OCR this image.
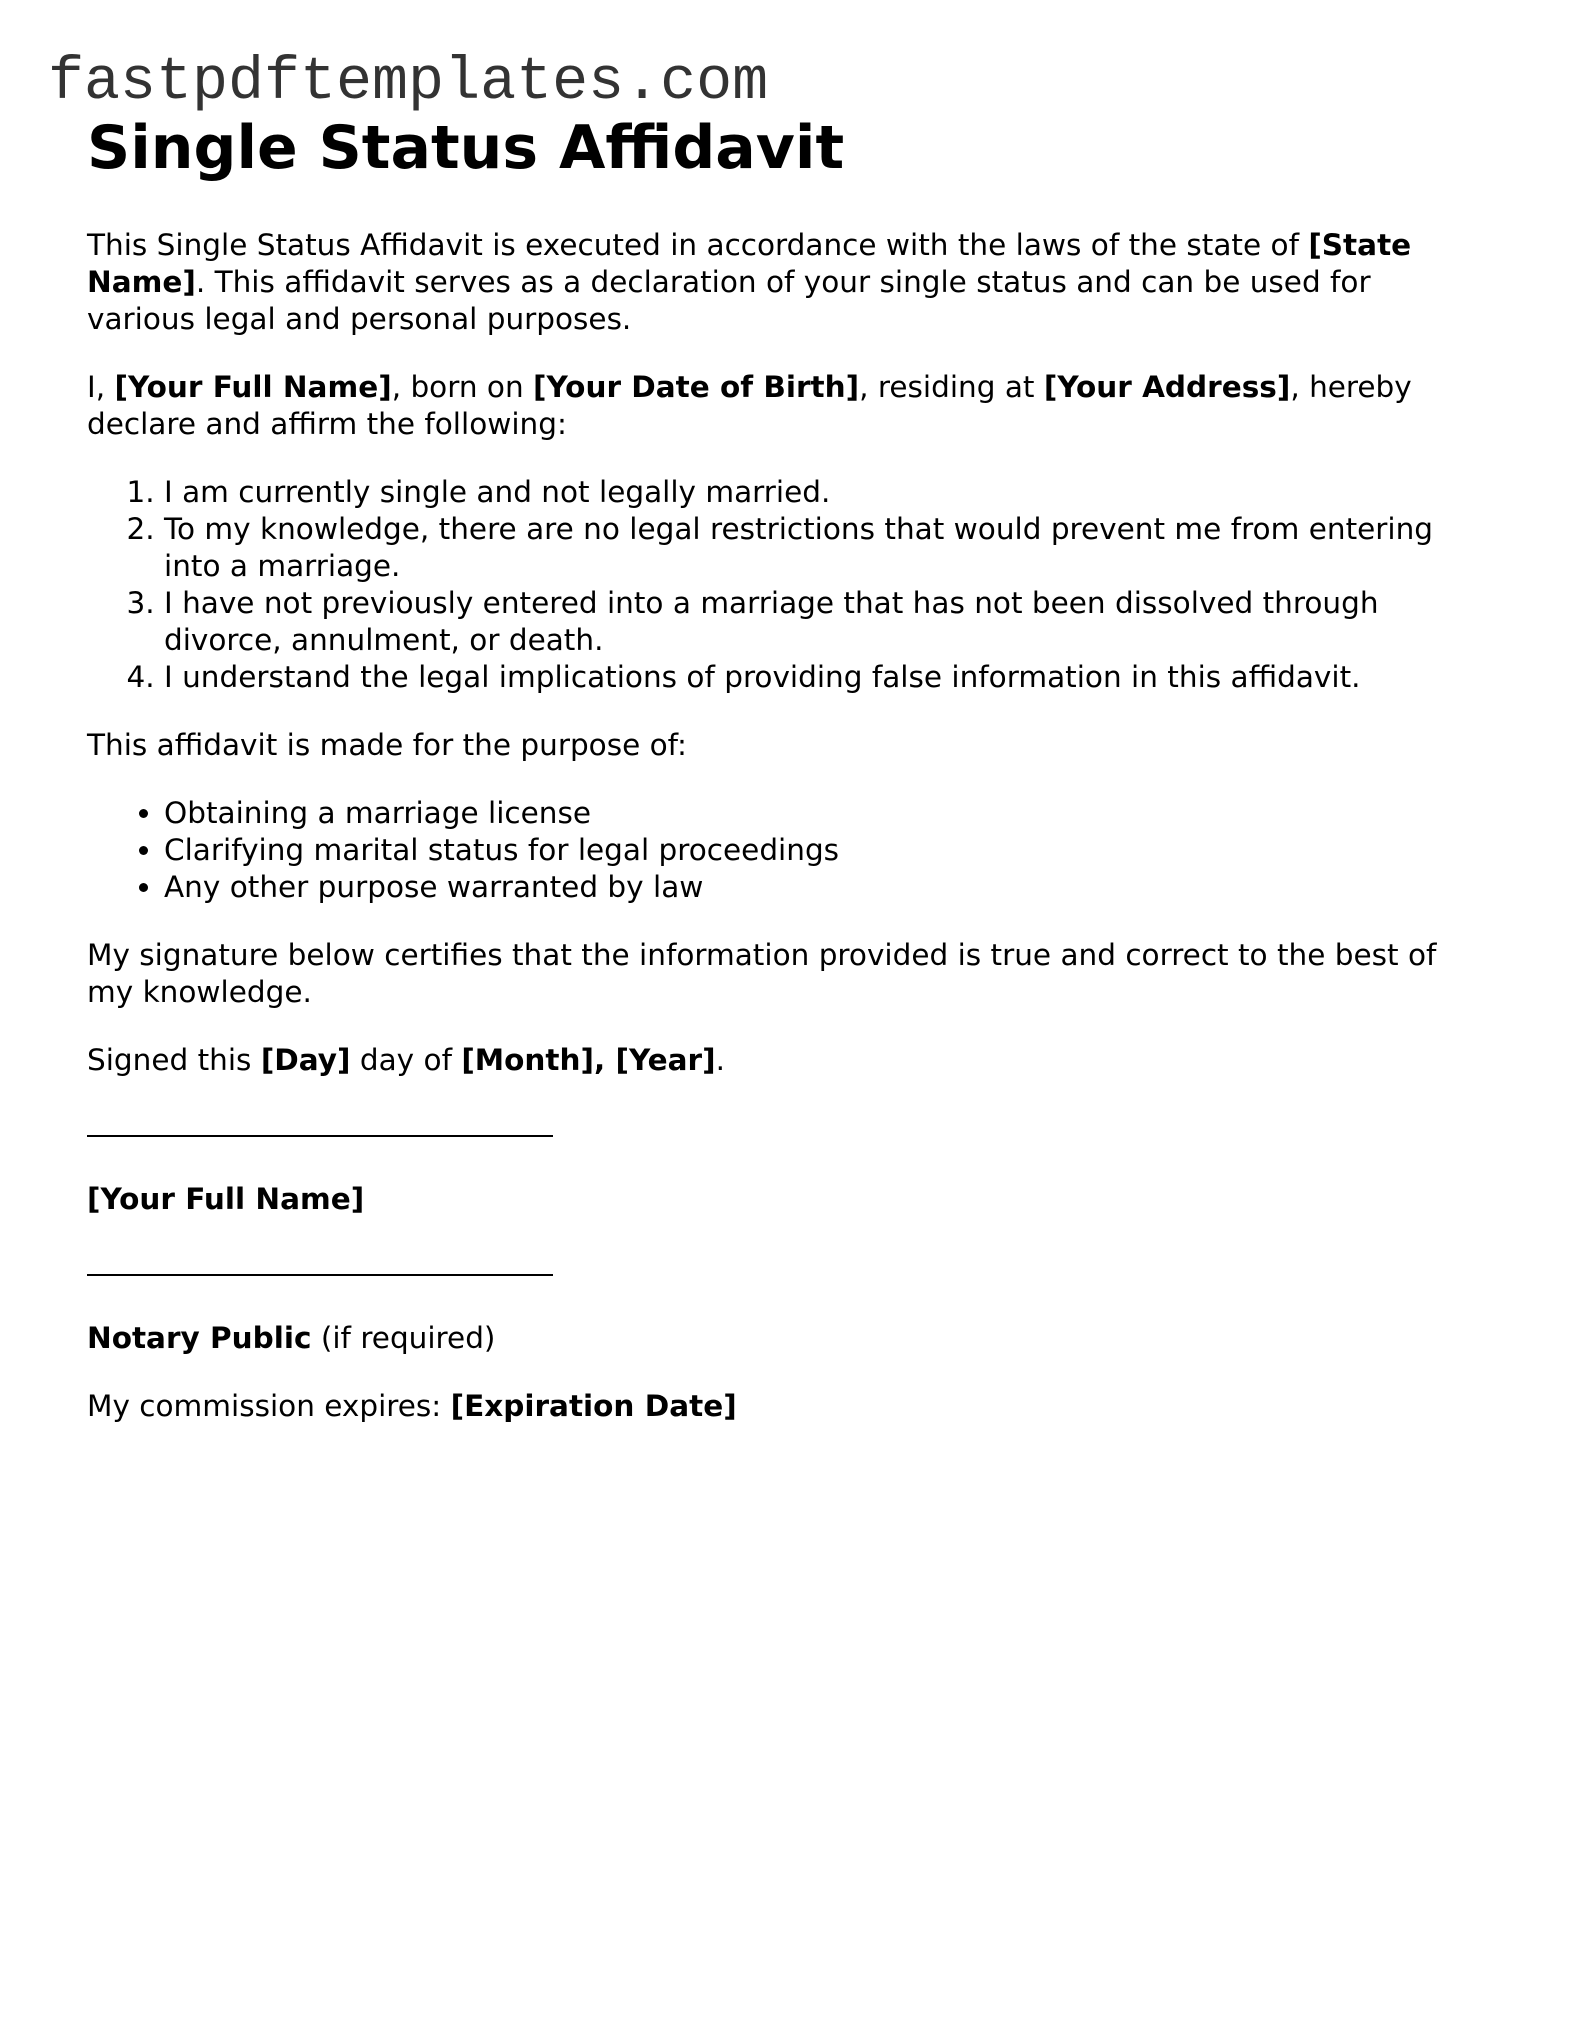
fastpdftemplates.com
Single Status Affidavit

This Single Status Affidavit is executed in accordance with the laws of the state of [State Name]. This affidavit serves as a declaration of your single status and can be used for various legal and personal purposes.

I, [Your Full Name], born on [Your Date of Birth], residing at [Your Address], hereby declare and affirm the following:

1. I am currently single and not legally married.
2. To my knowledge, there are no legal restrictions that would prevent me from entering into a marriage.
3. I have not previously entered into a marriage that has not been dissolved through divorce, annulment, or death.
4. I understand the legal implications of providing false information in this affidavit.

This affidavit is made for the purpose of:

• Obtaining a marriage license
• Clarifying marital status for legal proceedings
• Any other purpose warranted by law

My signature below certifies that the information provided is true and correct to the best of my knowledge.

Signed this [Day] day of [Month], [Year].

[Your Full Name]

Notary Public (if required)

My commission expires: [Expiration Date]
